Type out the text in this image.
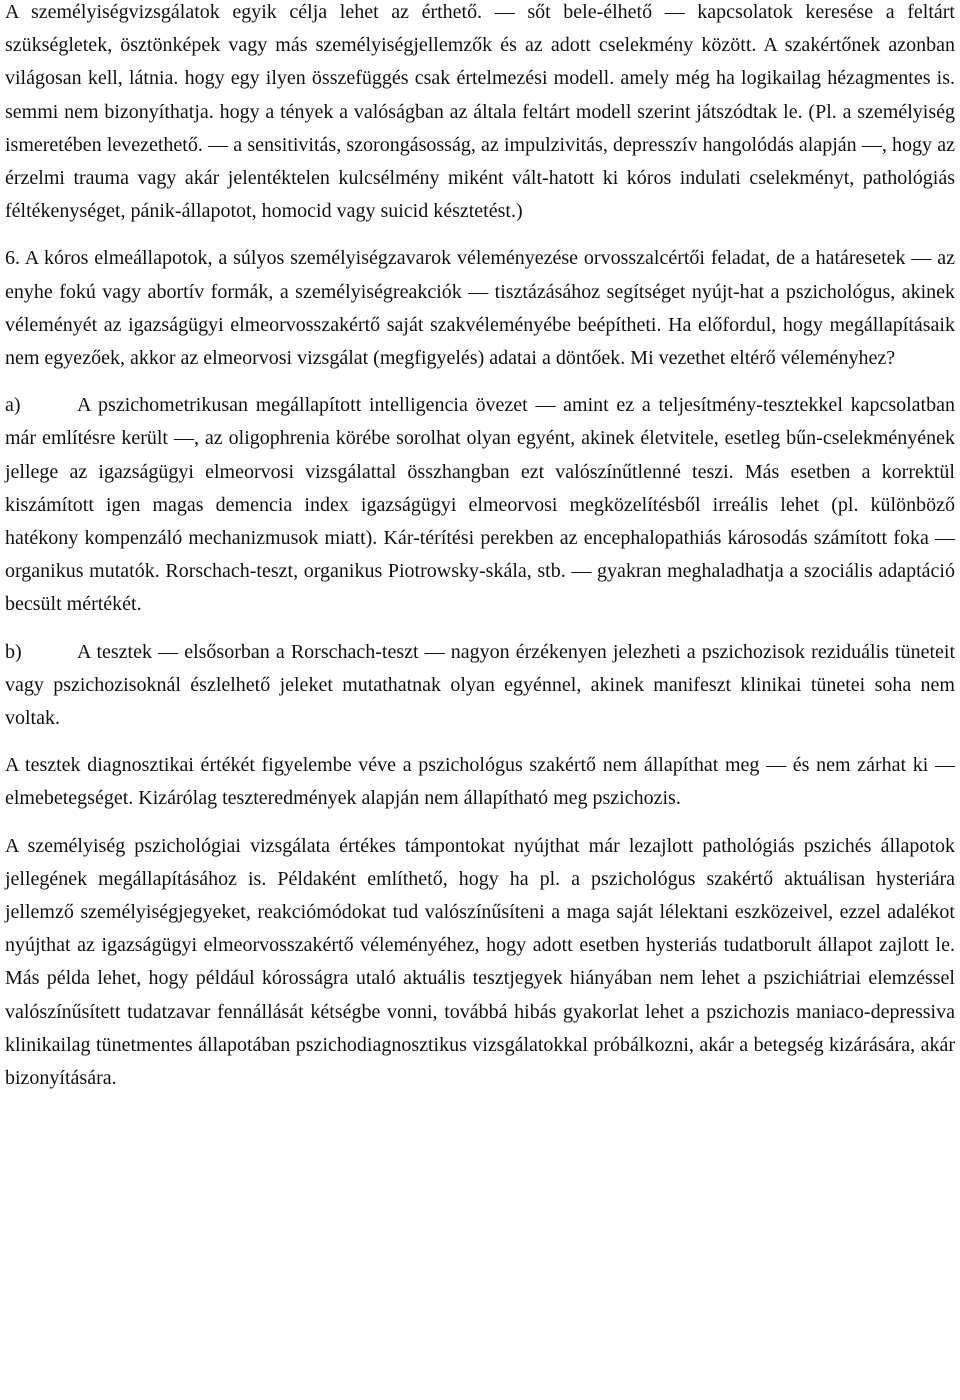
A személyiségvizsgálatok egyik célja lehet az érthető. — sőt bele-élhető — kapcsolatok keresése a feltárt szükségletek, ösztönképek vagy más személyiségjellemzők és az adott cselekmény között. A szakértőnek azonban világosan kell, látnia. hogy egy ilyen összefüggés csak értelmezési modell. amely még ha logikailag hézagmentes is. semmi nem bizonyíthatja. hogy a tények a valóságban az általa feltárt modell szerint játszódtak le. (Pl. a személyiség ismeretében levezethető. — a sensitivitás, szorongásosság, az impulzivitás, depresszív hangolódás alapján —, hogy az érzelmi trauma vagy akár jelentéktelen kulcsélmény miként vált-hatott ki kóros indulati cselekményt, pathológiás féltékenységet, pánik-állapotot, homocid vagy suicid késztetést.)

6. A kóros elmeállapotok, a súlyos személyiségzavarok véleményezése orvosszalcértői feladat, de a határesetek — az enyhe fokú vagy abortív formák, a személyiségreakciók — tisztázásához segítséget nyújt-hat a pszichológus, akinek véleményét az igazságügyi elmeorvosszakértő saját szakvéleményébe beépítheti. Ha előfordul, hogy megállapításaik nem egyezőek, akkor az elmeorvosi vizsgálat (megfigyelés) adatai a döntőek. Mi vezethet eltérő véleményhez?

a)	A pszichometrikusan megállapított intelligencia övezet — amint ez a teljesítmény-tesztekkel kapcsolatban már említésre került —, az oligophrenia körébe sorolhat olyan egyént, akinek életvitele, esetleg bűn-cselekményének jellege az igazságügyi elmeorvosi vizsgálattal összhangban ezt valószínűtlenné teszi. Más esetben a korrektül kiszámított igen magas demencia index igazságügyi elmeorvosi megközelítésből irreális lehet (pl. különböző hatékony kompenzáló mechanizmusok miatt). Kár-térítési perekben az encephalopathiás károsodás számított foka — organikus mutatók. Rorschach-teszt, organikus Piotrowsky-skála, stb. — gyakran meghaladhatja a szociális adaptáció becsült mértékét.

b)	A tesztek — elsősorban a Rorschach-teszt — nagyon érzékenyen jelezheti a pszichozisok reziduális tüneteit vagy pszichozisoknál észlelhető jeleket mutathatnak olyan egyénnel, akinek manifeszt klinikai tünetei soha nem voltak.

A tesztek diagnosztikai értékét figyelembe véve a pszichológus szakértő nem állapíthat meg — és nem zárhat ki — elmebetegséget. Kizárólag teszteredmények alapján nem állapítható meg pszichozis.

A személyiség pszichológiai vizsgálata értékes támpontokat nyújthat már lezajlott pathológiás pszichés állapotok jellegének megállapításához is. Példaként említhető, hogy ha pl. a pszichológus szakértő aktuálisan hysteriára jellemző személyiségjegyeket, reakciómódokat tud valószínűsíteni a maga saját lélektani eszközeivel, ezzel adalékot nyújthat az igazságügyi elmeorvosszakértő véleményéhez, hogy adott esetben hysteriás tudatborult állapot zajlott le. Más példa lehet, hogy például kórosságra utaló aktuális tesztjegyek hiányában nem lehet a pszichiátriai elemzéssel valószínűsített tudatzavar fennállását kétségbe vonni, továbbá hibás gyakorlat lehet a pszichozis maniaco-depressiva klinikailag tünetmentes állapotában pszichodiagnosztikus vizsgálatokkal próbálkozni, akár a betegség kizárására, akár bizonyítására.
